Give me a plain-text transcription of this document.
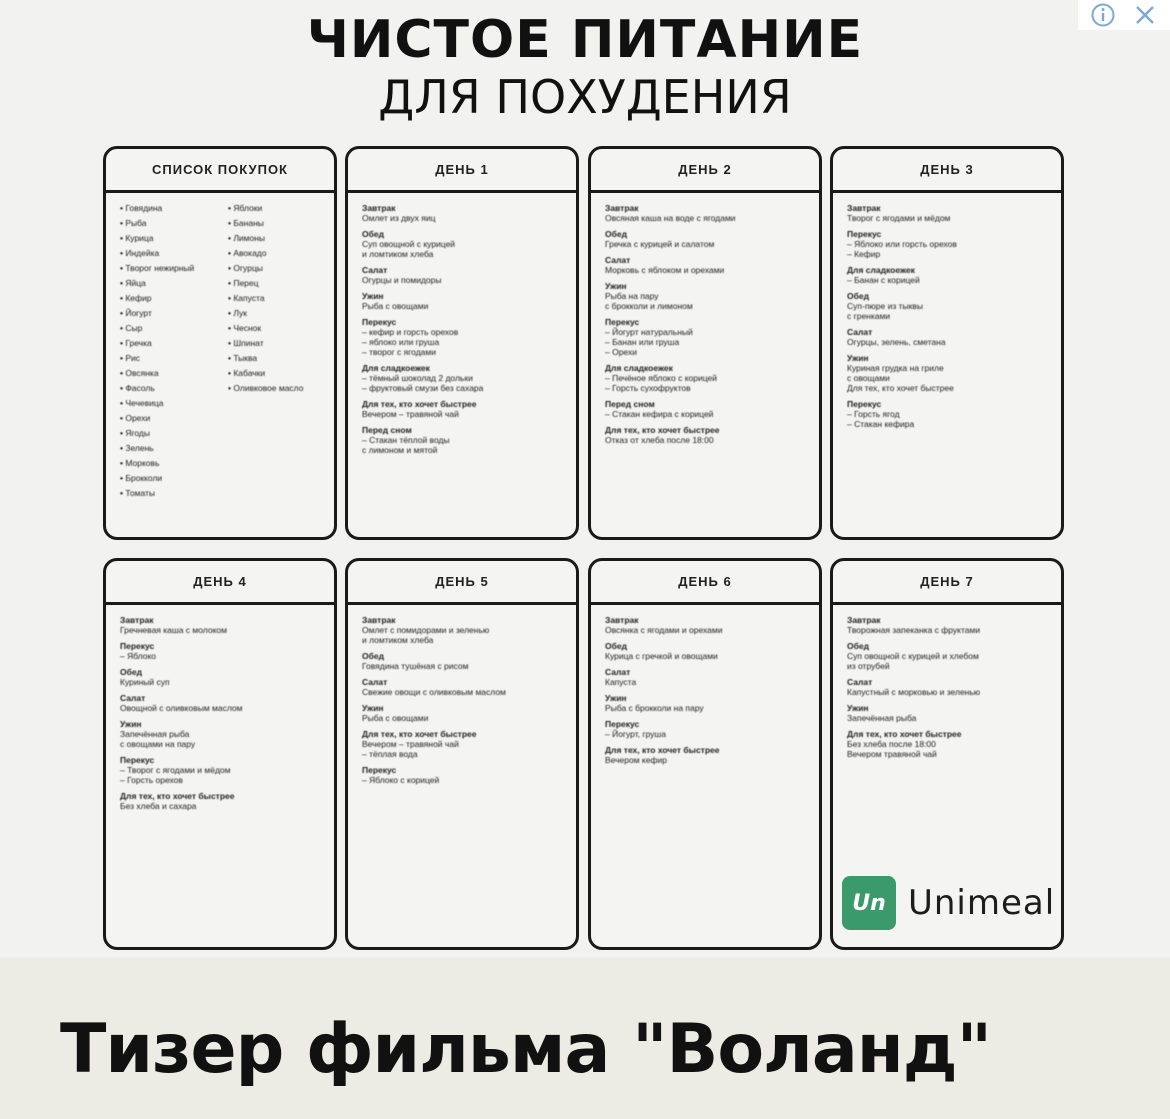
ЧИСТОЕ ПИТАНИЕ
ДЛЯ ПОХУДЕНИЯ
СПИСОК ПОКУПОК
• Говядина
• Рыба
• Курица
• Индейка
• Творог нежирный
• Яйца
• Кефир
• Йогурт
• Сыр
• Гречка
• Рис
• Овсянка
• Фасоль
• Чечевица
• Орехи
• Ягоды
• Зелень
• Морковь
• Брокколи
• Томаты
• Яблоки
• Бананы
• Лимоны
• Авокадо
• Огурцы
• Перец
• Капуста
• Лук
• Чеснок
• Шпинат
• Тыква
• Кабачки
• Оливковое масло
ДЕНЬ 1
Завтрак
Омлет из двух яиц
Обед
Суп овощной с курицей
и ломтиком хлеба
Салат
Огурцы и помидоры
Ужин
Рыба с овощами
Перекус
– кефир и горсть орехов
– яблоко или груша
– творог с ягодами
Для сладкоежек
– тёмный шоколад 2 дольки
– фруктовый смузи без сахара
Для тех, кто хочет быстрее
Вечером – травяной чай
Перед сном
– Стакан тёплой воды
с лимоном и мятой
ДЕНЬ 2
Завтрак
Овсяная каша на воде с ягодами
Обед
Гречка с курицей и салатом
Салат
Морковь с яблоком и орехами
Ужин
Рыба на пару
с брокколи и лимоном
Перекус
– Йогурт натуральный
– Банан или груша
– Орехи
Для сладкоежек
– Печёное яблоко с корицей
– Горсть сухофруктов
Перед сном
– Стакан кефира с корицей
Для тех, кто хочет быстрее
Отказ от хлеба после 18:00
ДЕНЬ 3
Завтрак
Творог с ягодами и мёдом
Перекус
– Яблоко или горсть орехов
– Кефир
Для сладкоежек
– Банан с корицей
Обед
Суп-пюре из тыквы
с гренками
Салат
Огурцы, зелень, сметана
Ужин
Куриная грудка на гриле
с овощами
Для тех, кто хочет быстрее
Перекус
– Горсть ягод
– Стакан кефира
ДЕНЬ 4
Завтрак
Гречневая каша с молоком
Перекус
– Яблоко
Обед
Куриный суп
Салат
Овощной с оливковым маслом
Ужин
Запечённая рыба
с овощами на пару
Перекус
– Творог с ягодами и мёдом
– Горсть орехов
Для тех, кто хочет быстрее
Без хлеба и сахара
ДЕНЬ 5
Завтрак
Омлет с помидорами и зеленью
и ломтиком хлеба
Обед
Говядина тушёная с рисом
Салат
Свежие овощи с оливковым маслом
Ужин
Рыба с овощами
Для тех, кто хочет быстрее
Вечером – травяной чай
– тёплая вода
Перекус
– Яблоко с корицей
ДЕНЬ 6
Завтрак
Овсянка с ягодами и орехами
Обед
Курица с гречкой и овощами
Салат
Капуста
Ужин
Рыба с брокколи на пару
Перекус
– Йогурт, груша
Для тех, кто хочет быстрее
Вечером кефир
ДЕНЬ 7
Завтрак
Творожная запеканка с фруктами
Обед
Суп овощной с курицей и хлебом
из отрубей
Салат
Капустный с морковью и зеленью
Ужин
Запечённая рыба
Для тех, кто хочет быстрее
Без хлеба после 18:00
Вечером травяной чай
Un Unimeal
Тизер фильма "Воланд"
